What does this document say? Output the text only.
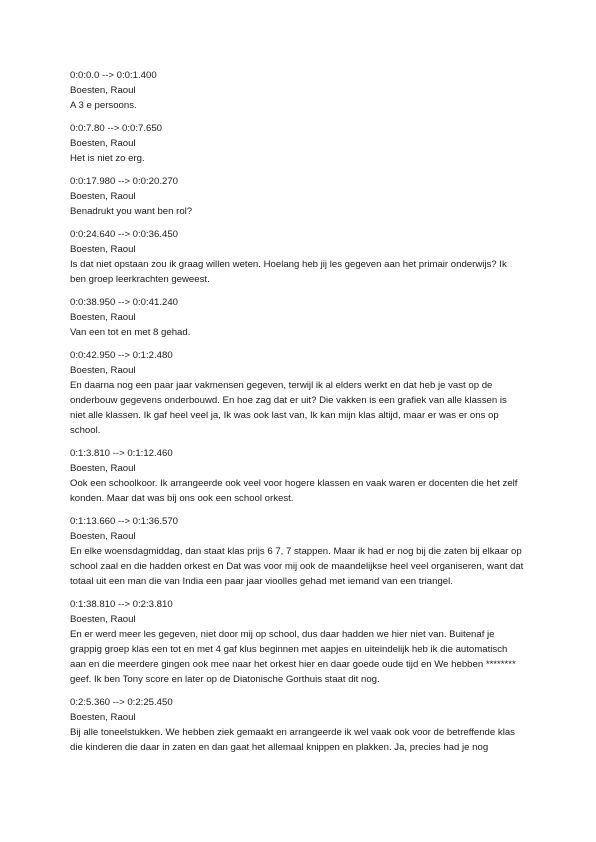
0:0:0.0 --> 0:0:1.400
Boesten, Raoul
A 3 e persoons.
0:0:7.80 --> 0:0:7.650
Boesten, Raoul
Het is niet zo erg.
0:0:17.980 --> 0:0:20.270
Boesten, Raoul
Benadrukt you want ben rol?
0:0:24.640 --> 0:0:36.450
Boesten, Raoul
Is dat niet opstaan zou ik graag willen weten. Hoelang heb jij les gegeven aan het primair onderwijs? Ik ben groep leerkrachten geweest.
0:0:38.950 --> 0:0:41.240
Boesten, Raoul
Van een tot en met 8 gehad.
0:0:42.950 --> 0:1:2.480
Boesten, Raoul
En daarna nog een paar jaar vakmensen gegeven, terwijl ik al elders werkt en dat heb je vast op de onderbouw gegevens onderbouwd. En hoe zag dat er uit? Die vakken is een grafiek van alle klassen is niet alle klassen. Ik gaf heel veel ja, Ik was ook last van, Ik kan mijn klas altijd, maar er was er ons op school.
0:1:3.810 --> 0:1:12.460
Boesten, Raoul
Ook een schoolkoor. Ik arrangeerde ook veel voor hogere klassen en vaak waren er docenten die het zelf konden. Maar dat was bij ons ook een school orkest.
0:1:13.660 --> 0:1:36.570
Boesten, Raoul
En elke woensdagmiddag, dan staat klas prijs 6 7, 7 stappen. Maar ik had er nog bij die zaten bij elkaar op school zaal en die hadden orkest en Dat was voor mij ook de maandelijkse heel veel organiseren, want dat totaal uit een man die van India een paar jaar vioolles gehad met iemand van een triangel.
0:1:38.810 --> 0:2:3.810
Boesten, Raoul
En er werd meer les gegeven, niet door mij op school, dus daar hadden we hier niet van. Buitenaf je grappig groep klas een tot en met 4 gaf klus beginnen met aapjes en uiteindelijk heb ik die automatisch aan en die meerdere gingen ook mee naar het orkest hier en daar goede oude tijd en We hebben ******** geef. Ik ben Tony score en later op de Diatonische Gorthuis staat dit nog.
0:2:5.360 --> 0:2:25.450
Boesten, Raoul
Bij alle toneelstukken. We hebben ziek gemaakt en arrangeerde ik wel vaak ook voor de betreffende klas die kinderen die daar in zaten en dan gaat het allemaal knippen en plakken. Ja, precies had je nog
